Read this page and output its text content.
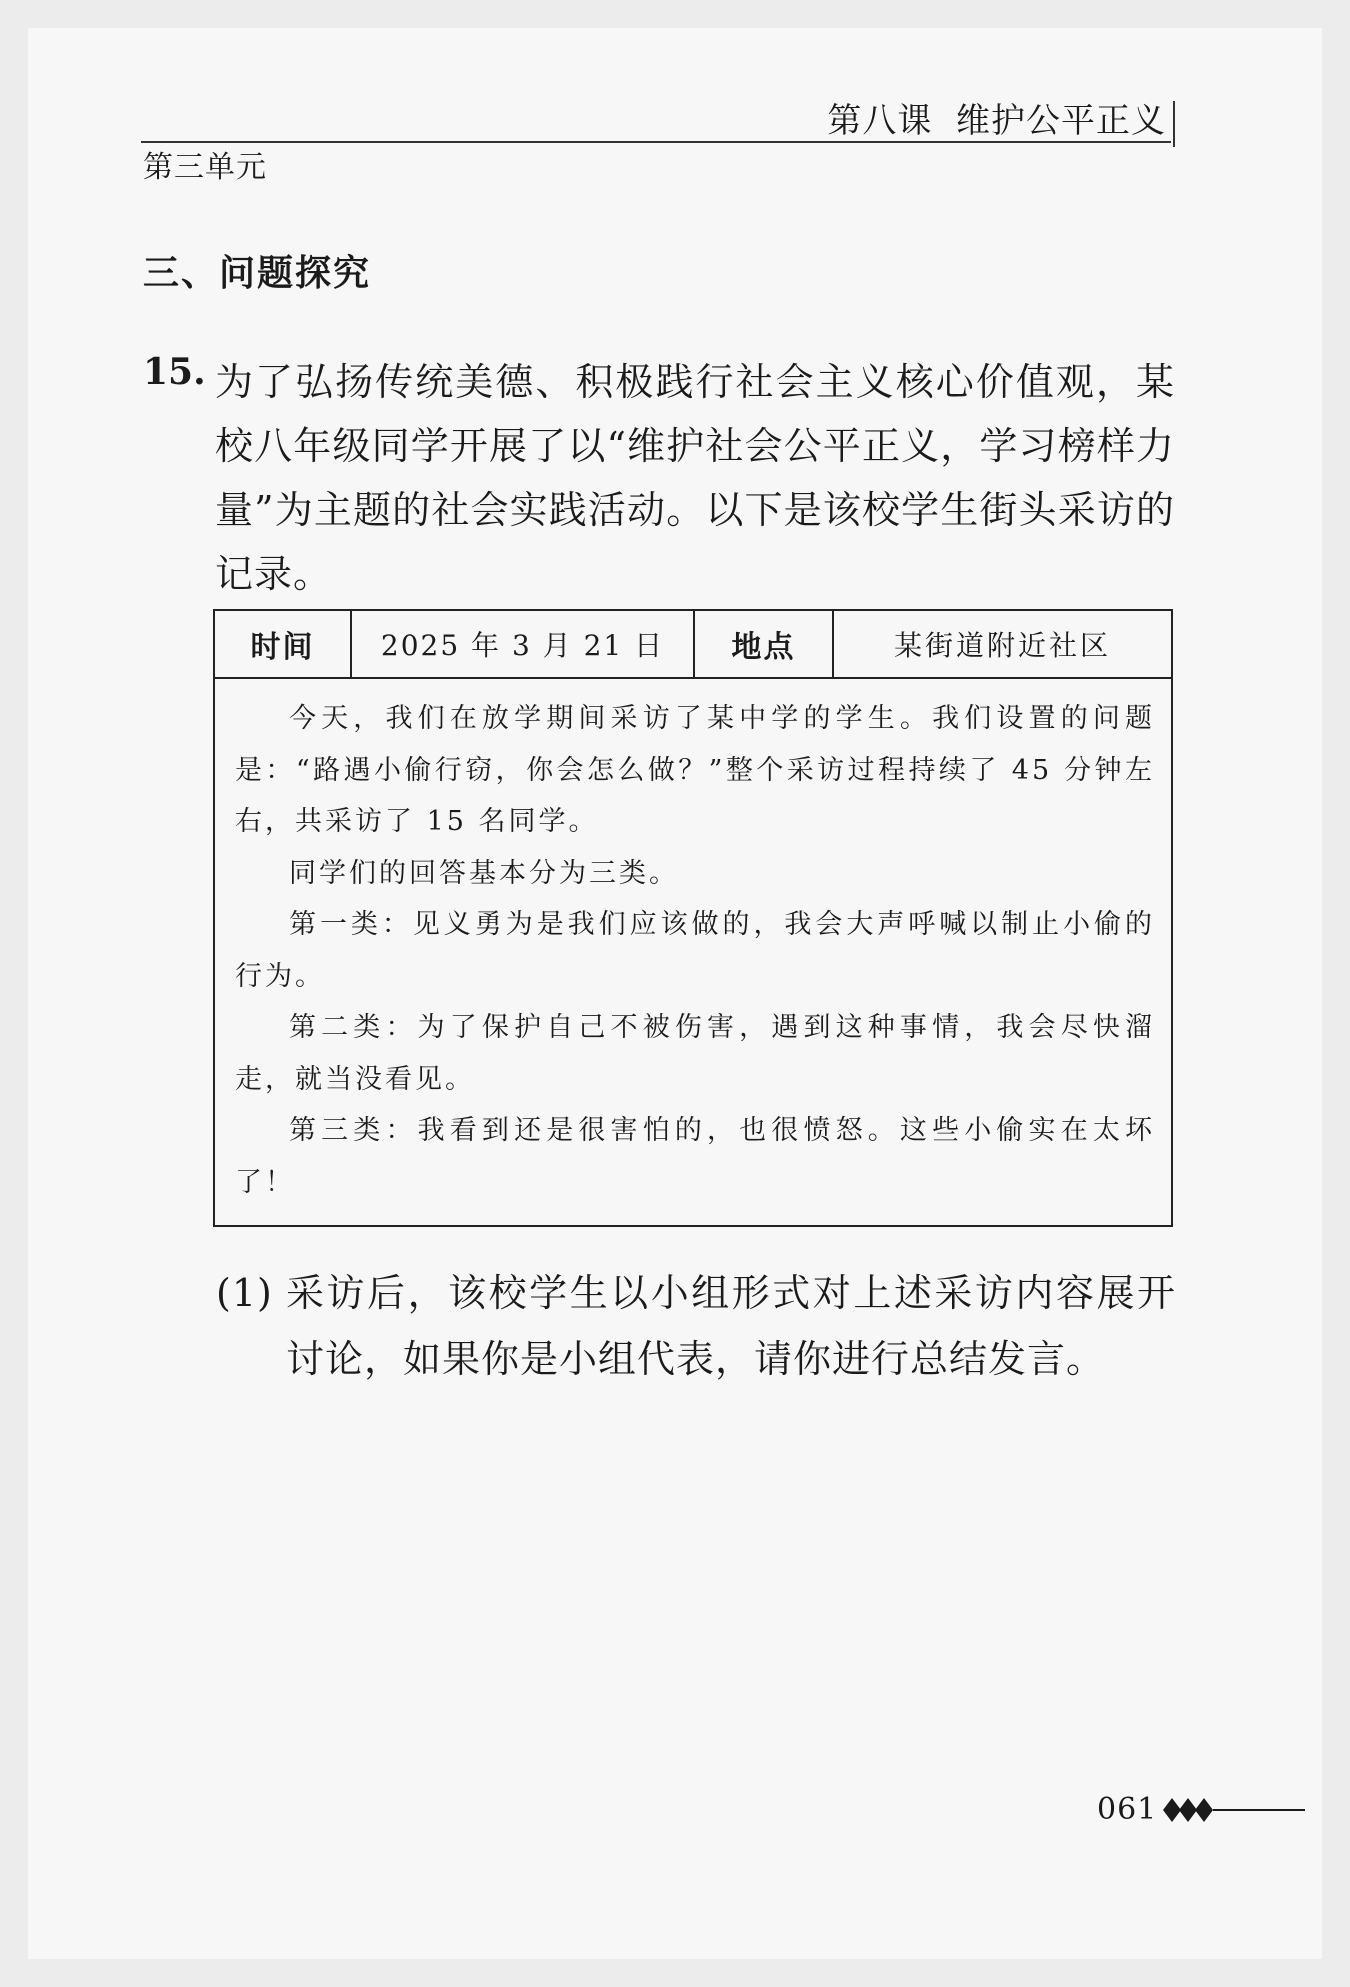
第八课  维护公平正义
第三单元
三、问题探究
15. 为了弘扬传统美德、积极践行社会主义核心价值观，某校八年级同学开展了以“维护社会公平正义，学习榜样力量”为主题的社会实践活动。以下是该校学生街头采访的记录。

时间	2025 年 3 月 21 日	地点	某街道附近社区

今天，我们在放学期间采访了某中学的学生。我们设置的问题是：“路遇小偷行窃，你会怎么做？”整个采访过程持续了 45 分钟左右，共采访了 15 名同学。

同学们的回答基本分为三类。

第一类：见义勇为是我们应该做的，我会大声呼喊以制止小偷的行为。

第二类：为了保护自己不被伤害，遇到这种事情，我会尽快溜走，就当没看见。

第三类：我看到还是很害怕的，也很愤怒。这些小偷实在太坏了！

(1) 采访后，该校学生以小组形式对上述采访内容展开讨论，如果你是小组代表，请你进行总结发言。
061
